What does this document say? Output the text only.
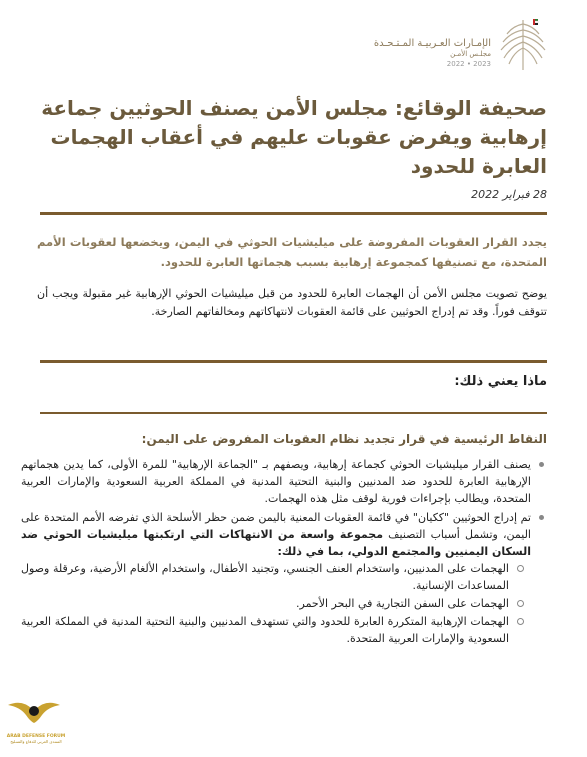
الإمـارات العـربيـة المـتـحـدة
مجلـس الأمـن
2022 • 2023
صحيفة الوقائع: مجلس الأمن يصنف الحوثيين جماعة إرهابية ويفرض عقوبات عليهم في أعقاب الهجمات العابرة للحدود
28 فبراير 2022
يجدد القرار العقوبات المفروضة على ميليشيات الحوثي في اليمن، ويخضعها لعقوبات الأمم المتحدة، مع تصنيفها كمجموعة إرهابية بسبب هجماتها العابرة للحدود.
يوضح تصويت مجلس الأمن أن الهجمات العابرة للحدود من قبل ميليشيات الحوثي الإرهابية غير مقبولة ويجب أن تتوقف فوراً. وقد تم إدراج الحوثيين على قائمة العقوبات لانتهاكاتهم ومخالفاتهم الصارخة.
ماذا يعني ذلك:
النقاط الرئيسية في قرار تجديد نظام العقوبات المفروض على اليمن:
يصنف القرار ميليشيات الحوثي كجماعة إرهابية، ويصفهم بـ "الجماعة الإرهابية" للمرة الأولى، كما يدين هجماتهم الإرهابية العابرة للحدود ضد المدنيين والبنية التحتية المدنية في المملكة العربية السعودية والإمارات العربية المتحدة، ويطالب بإجراءات فورية لوقف مثل هذه الهجمات.
تم إدراج الحوثيين "ككيان" في قائمة العقوبات المعنية باليمن ضمن حظر الأسلحة الذي تفرضه الأمم المتحدة على اليمن، وتشمل أسباب التصنيف مجموعة واسعة من الانتهاكات التي ارتكبتها ميليشيات الحوثي ضد السكان اليمنيين والمجتمع الدولي، بما في ذلك:
الهجمات على المدنيين، واستخدام العنف الجنسي، وتجنيد الأطفال، واستخدام الألغام الأرضية، وعرقلة وصول المساعدات الإنسانية.
الهجمات على السفن التجارية في البحر الأحمر.
الهجمات الإرهابية المتكررة العابرة للحدود والتي تستهدف المدنيين والبنية التحتية المدنية في المملكة العربية السعودية والإمارات العربية المتحدة.
ARAB DEFENSE FORUM
المنتدى العربي للدفاع والتسليح
